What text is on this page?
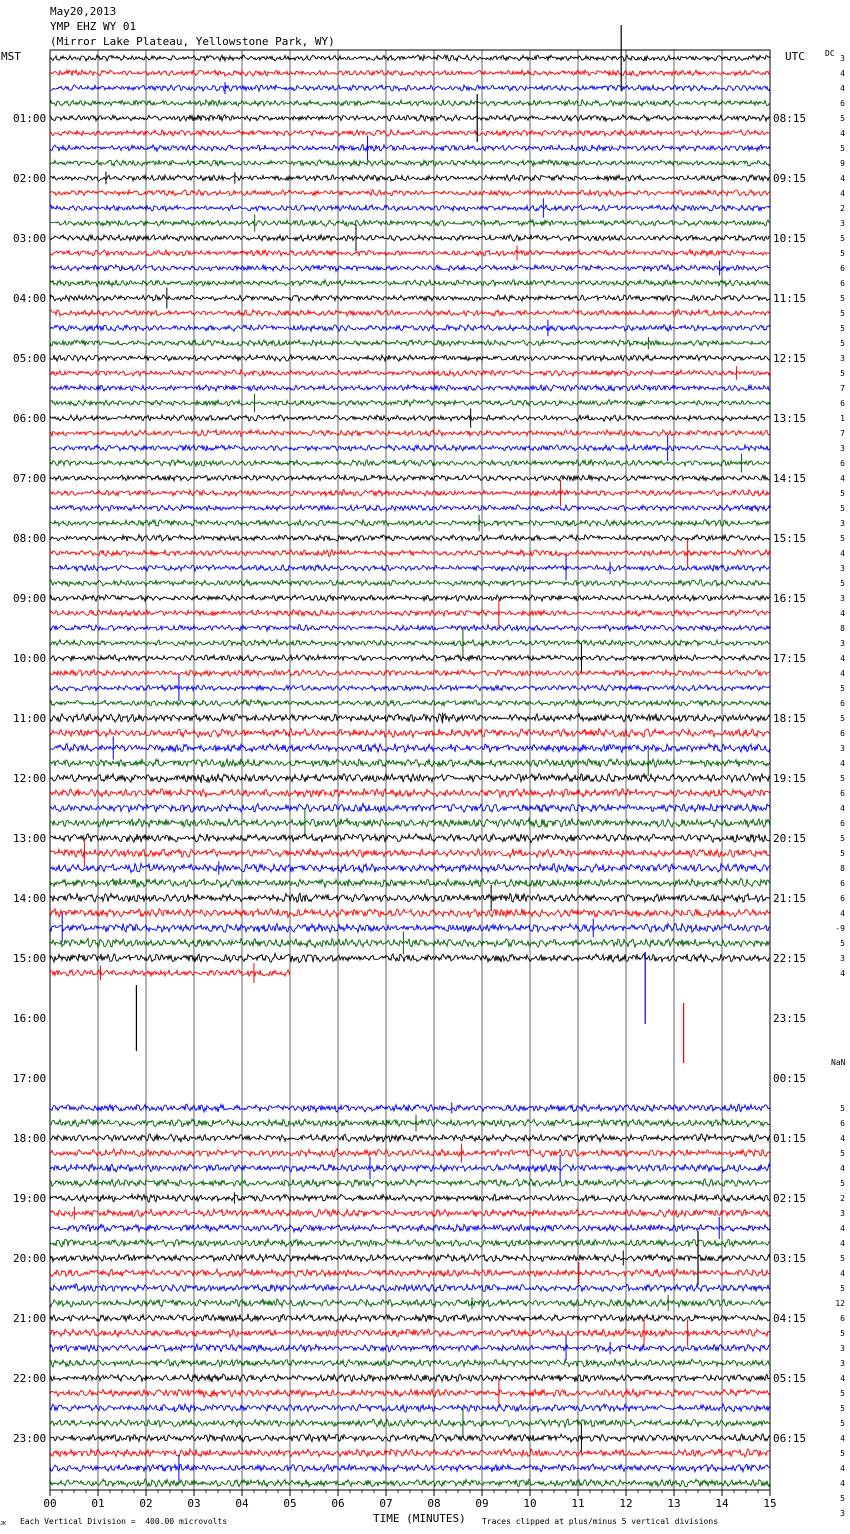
01:00	08:15
02:00	09:15
03:00	10:15
04:00	11:15
05:00	12:15
06:00	13:15
07:00	14:15
08:00	15:15
09:00	16:15
10:00	17:15
11:00	18:15
12:00	19:15
13:00	20:15
14:00	21:15
15:00	22:15
16:00	23:15
17:00	00:15
18:00	01:15
19:00	02:15
20:00	03:15
21:00	04:15
22:00	05:15
23:00	06:15
3
4
4
6
5
4
5
9
4
4
2
3
5
5
6
6
5
5
5
5
3
5
7
6
1
7
3
6
4
5
5
3
5
4
3
5
3
4
8
3
4
4
5
6
5
6
3
4
5
6
4
6
5
5
8
6
6
4
-9
5
3
4
5
6
4
5
4
5
2
3
4
4
5
4
5
12
6
5
3
3
4
5
5
5
4
5
4
4
5
3
00	01	02	03	04	05	06	07	08	09	10	11	12	13	14	15
May20,2013
YMP EHZ WY 01
(Mirror Lake Plateau, Yellowstone Park, WY)
MST	UTC	DC
NaN
TIME (MINUTES)
Each Vertical Division =  400.00 microvolts	Traces clipped at plus/minus 5 vertical divisions
JK
